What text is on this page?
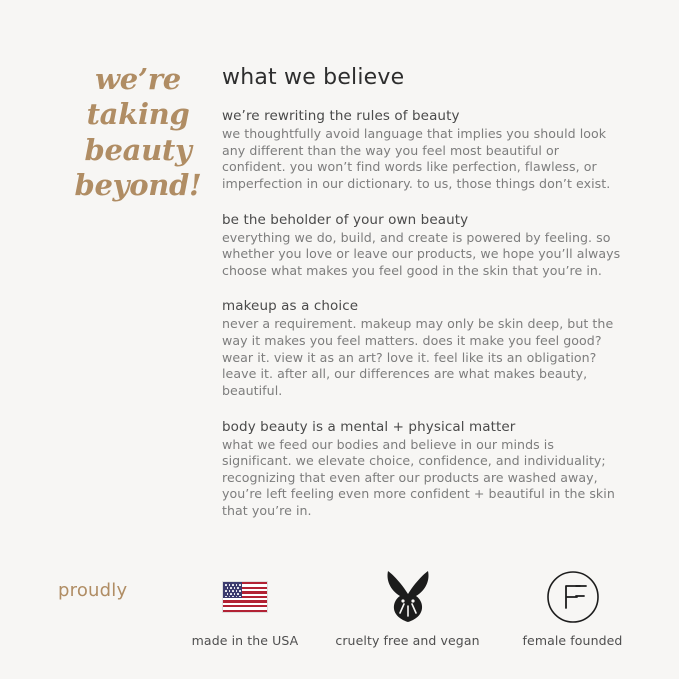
we’re
taking
beauty
beyond!
what we believe
we’re rewriting the rules of beauty

we thoughtfully avoid language that implies you should look any different than the way you feel most beautiful or confident. you won’t find words like perfection, flawless, or imperfection in our dictionary. to us, those things don’t exist.

be the beholder of your own beauty

everything we do, build, and create is powered by feeling. so whether you love or leave our products, we hope you’ll always choose what makes you feel good in the skin that you’re in.

makeup as a choice

never a requirement. makeup may only be skin deep, but the way it makes you feel matters. does it make you feel good? wear it. view it as an art? love it. feel like its an obligation? leave it. after all, our differences are what makes beauty, beautiful.

body beauty is a mental + physical matter

what we feed our bodies and believe in our minds is significant. we elevate choice, confidence, and individuality; recognizing that even after our products are washed away, you’re left feeling even more confident + beautiful in the skin that you’re in.

proudly
made in the USA	cruelty free and vegan	female founded
